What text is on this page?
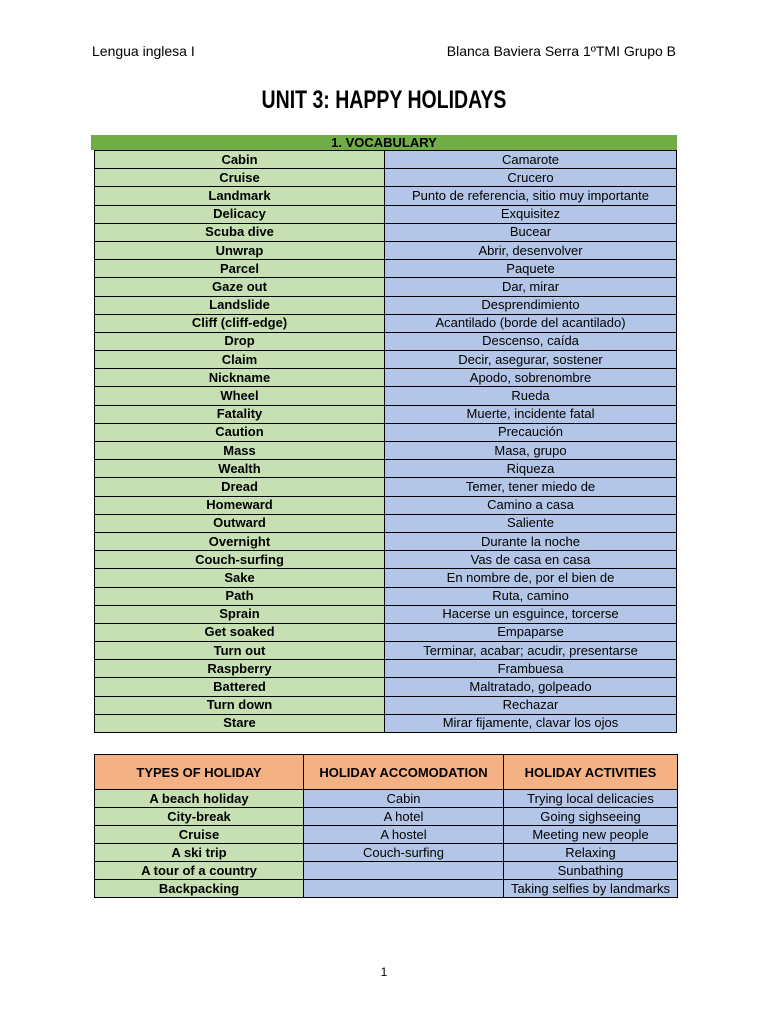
Lengua inglesa I	Blanca Baviera Serra 1ºTMI Grupo B
UNIT 3: HAPPY HOLIDAYS
1. VOCABULARY
Cabin	Camarote
Cruise	Crucero
Landmark	Punto de referencia, sitio muy importante
Delicacy	Exquisitez
Scuba dive	Bucear
Unwrap	Abrir, desenvolver
Parcel	Paquete
Gaze out	Dar, mirar
Landslide	Desprendimiento
Cliff (cliff-edge)	Acantilado (borde del acantilado)
Drop	Descenso, caída
Claim	Decir, asegurar, sostener
Nickname	Apodo, sobrenombre
Wheel	Rueda
Fatality	Muerte, incidente fatal
Caution	Precaución
Mass	Masa, grupo
Wealth	Riqueza
Dread	Temer, tener miedo de
Homeward	Camino a casa
Outward	Saliente
Overnight	Durante la noche
Couch-surfing	Vas de casa en casa
Sake	En nombre de, por el bien de
Path	Ruta, camino
Sprain	Hacerse un esguince, torcerse
Get soaked	Empaparse
Turn out	Terminar, acabar; acudir, presentarse
Raspberry	Frambuesa
Battered	Maltratado, golpeado
Turn down	Rechazar
Stare	Mirar fijamente, clavar los ojos
TYPES OF HOLIDAY	HOLIDAY ACCOMODATION	HOLIDAY ACTIVITIES
A beach holiday	Cabin	Trying local delicacies
City-break	A hotel	Going sighseeing
Cruise	A hostel	Meeting new people
A ski trip	Couch-surfing	Relaxing
A tour of a country		Sunbathing
Backpacking		Taking selfies by landmarks
1
